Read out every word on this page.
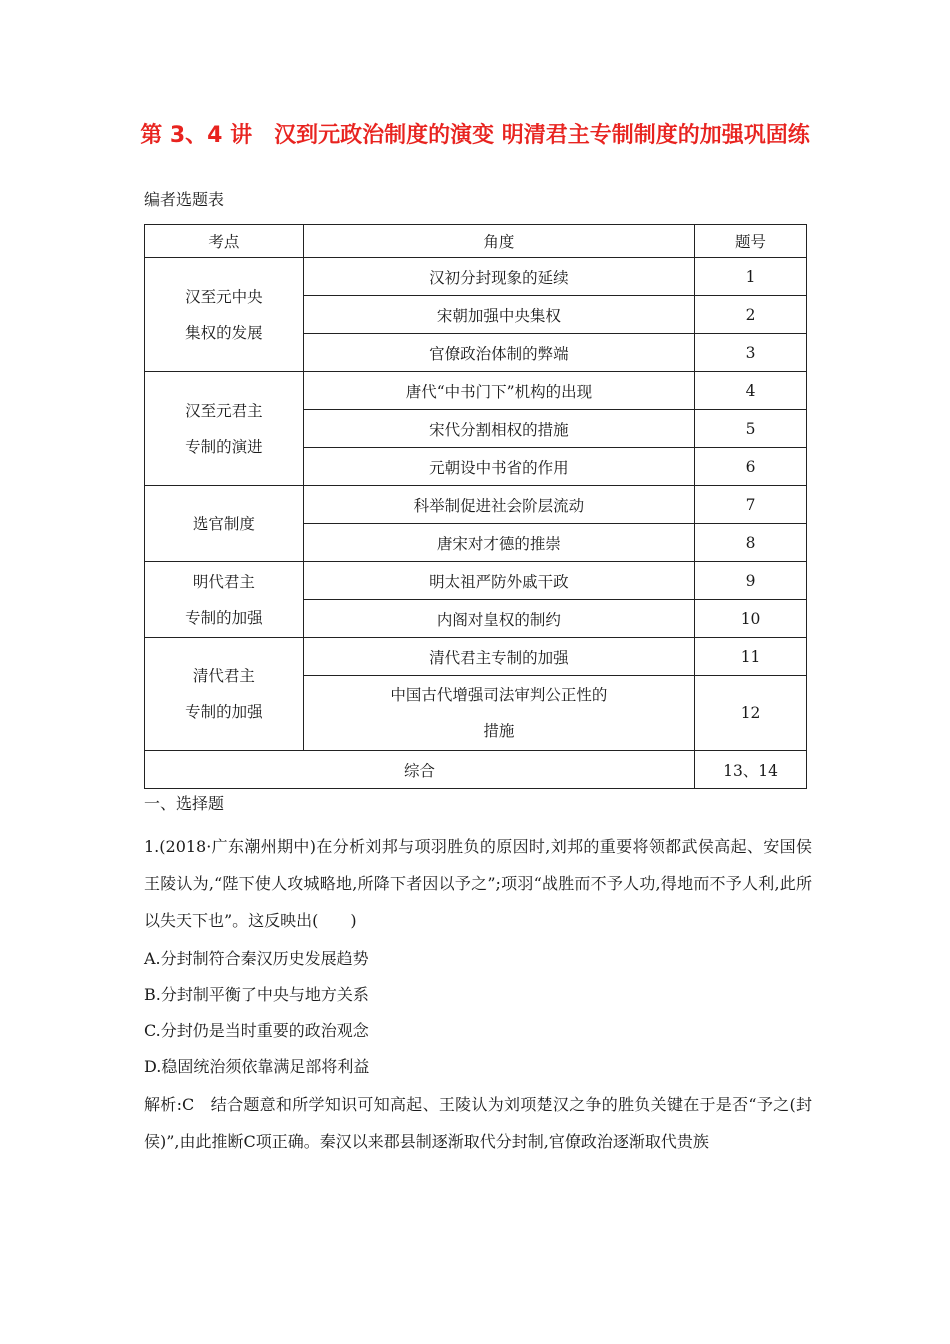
第 3、4 讲　汉到元政治制度的演变 明清君主专制制度的加强巩固练
编者选题表
考点	角度	题号
汉至元中央
集权的发展	汉初分封现象的延续	1
	宋朝加强中央集权	2
	官僚政治体制的弊端	3
汉至元君主
专制的演进	唐代“中书门下”机构的出现	4
	宋代分割相权的措施	5
	元朝设中书省的作用	6
选官制度	科举制促进社会阶层流动	7
	唐宋对才德的推崇	8
明代君主
专制的加强	明太祖严防外戚干政	9
	内阁对皇权的制约	10
清代君主
专制的加强	清代君主专制的加强	11
	中国古代增强司法审判公正性的
措施	12
综合		13、14
一、选择题
1.(2018·广东潮州期中)在分析刘邦与项羽胜负的原因时,刘邦的重要将领都武侯高起、安国侯王陵认为,“陛下使人攻城略地,所降下者因以予之”;项羽“战胜而不予人功,得地而不予人利,此所以失天下也”。这反映出(　　)
A.分封制符合秦汉历史发展趋势
B.分封制平衡了中央与地方关系
C.分封仍是当时重要的政治观念
D.稳固统治须依靠满足部将利益
解析:C　结合题意和所学知识可知高起、王陵认为刘项楚汉之争的胜负关键在于是否“予之(封侯)”,由此推断C项正确。秦汉以来郡县制逐渐取代分封制,官僚政治逐渐取代贵族
